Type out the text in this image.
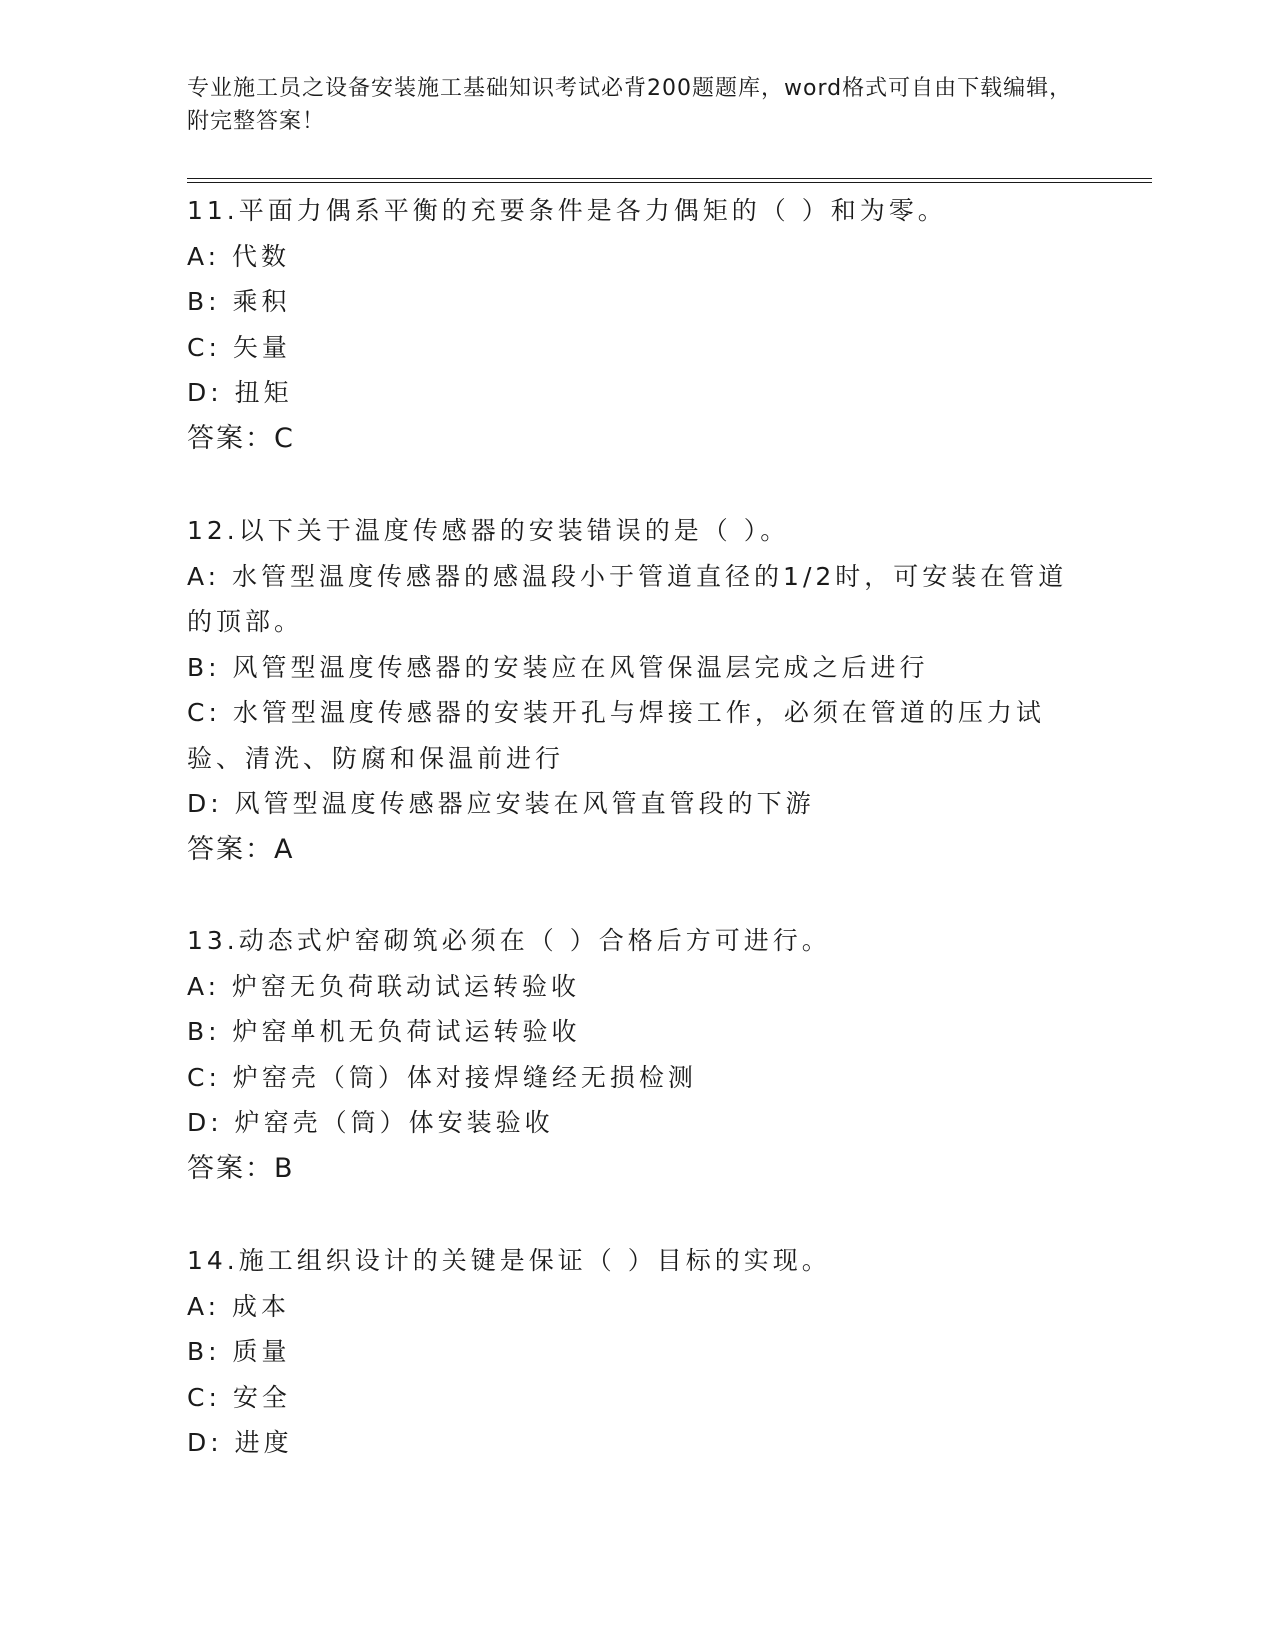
专业施工员之设备安装施工基础知识考试必背200题题库，word格式可自由下载编辑，附完整答案！
11.平面力偶系平衡的充要条件是各力偶矩的（ ）和为零。
A: 代数
B: 乘积
C: 矢量
D: 扭矩
答案：C
12.以下关于温度传感器的安装错误的是（ ）。
A: 水管型温度传感器的感温段小于管道直径的1/2时，可安装在管道的顶部。
B: 风管型温度传感器的安装应在风管保温层完成之后进行
C: 水管型温度传感器的安装开孔与焊接工作，必须在管道的压力试验、清洗、防腐和保温前进行
D: 风管型温度传感器应安装在风管直管段的下游
答案：A
13.动态式炉窑砌筑必须在（ ）合格后方可进行。
A: 炉窑无负荷联动试运转验收
B: 炉窑单机无负荷试运转验收
C: 炉窑壳（筒）体对接焊缝经无损检测
D: 炉窑壳（筒）体安装验收
答案：B
14.施工组织设计的关键是保证（ ）目标的实现。
A: 成本
B: 质量
C: 安全
D: 进度
